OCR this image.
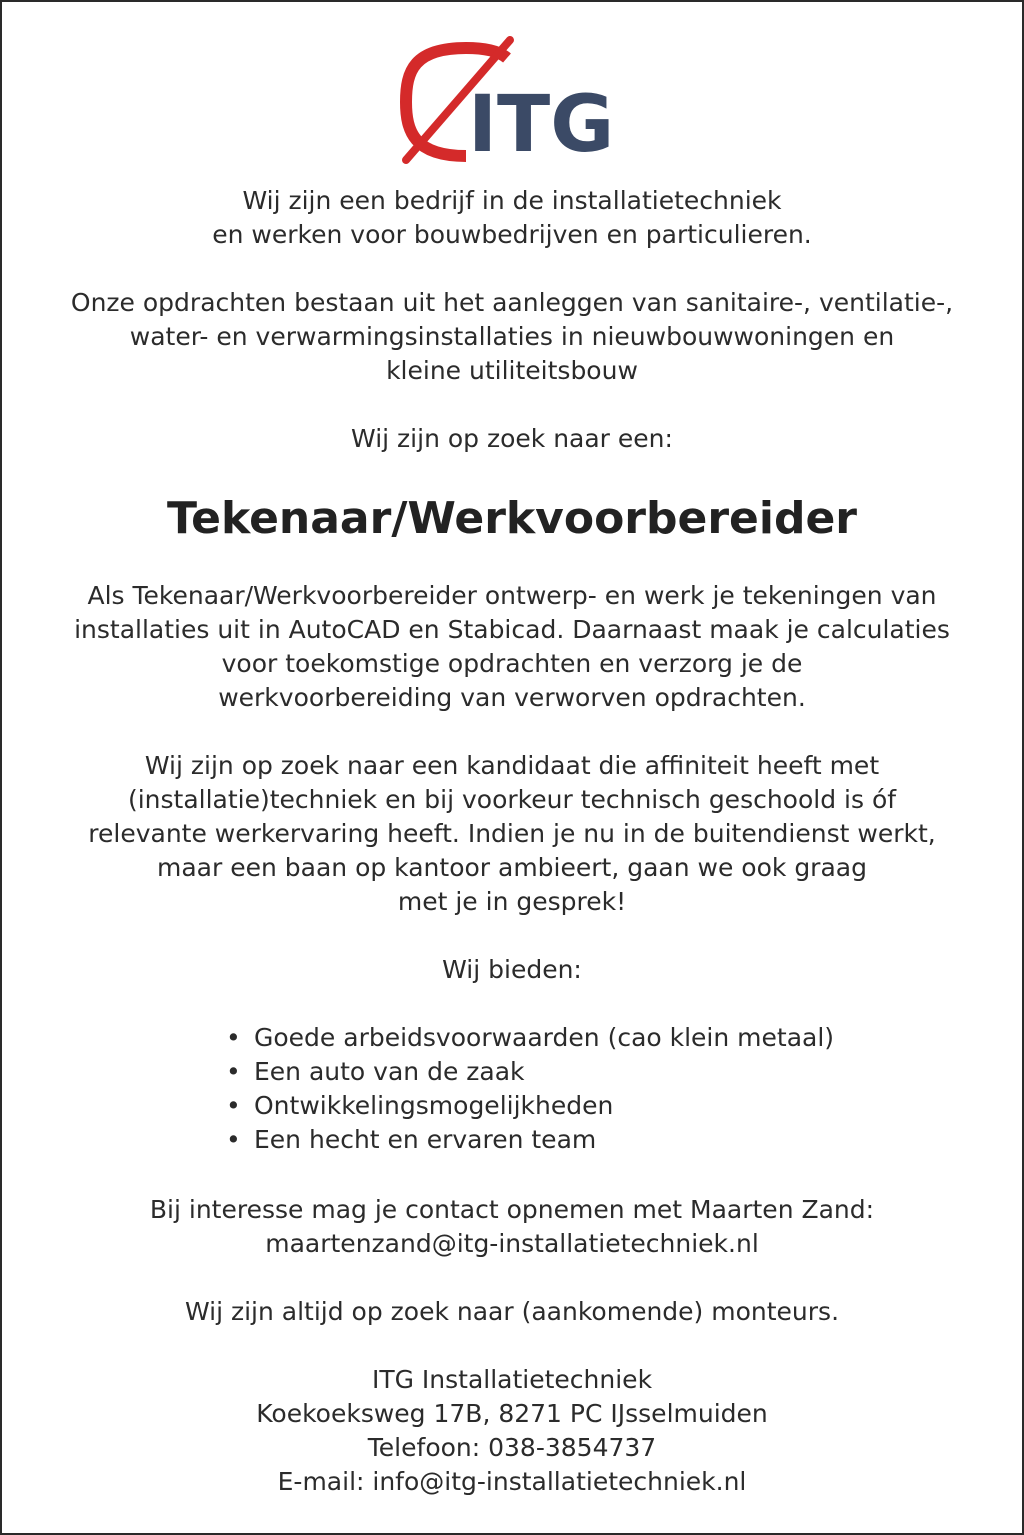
ITG
Wij zijn een bedrijf in de installatietechniek
en werken voor bouwbedrijven en particulieren.
Onze opdrachten bestaan uit het aanleggen van sanitaire-, ventilatie-,
water- en verwarmingsinstallaties in nieuwbouwwoningen en
kleine utiliteitsbouw
Wij zijn op zoek naar een:
Tekenaar/Werkvoorbereider
Als Tekenaar/Werkvoorbereider ontwerp- en werk je tekeningen van
installaties uit in AutoCAD en Stabicad. Daarnaast maak je calculaties
voor toekomstige opdrachten en verzorg je de
werkvoorbereiding van verworven opdrachten.
Wij zijn op zoek naar een kandidaat die affiniteit heeft met
(installatie)techniek en bij voorkeur technisch geschoold is óf
relevante werkervaring heeft. Indien je nu in de buitendienst werkt,
maar een baan op kantoor ambieert, gaan we ook graag
met je in gesprek!
Wij bieden:
• Goede arbeidsvoorwaarden (cao klein metaal)
• Een auto van de zaak
• Ontwikkelingsmogelijkheden
• Een hecht en ervaren team
Bij interesse mag je contact opnemen met Maarten Zand:
maartenzand@itg-installatietechniek.nl
Wij zijn altijd op zoek naar (aankomende) monteurs.
ITG Installatietechniek
Koekoeksweg 17B, 8271 PC IJsselmuiden
Telefoon: 038-3854737
E-mail: info@itg-installatietechniek.nl
